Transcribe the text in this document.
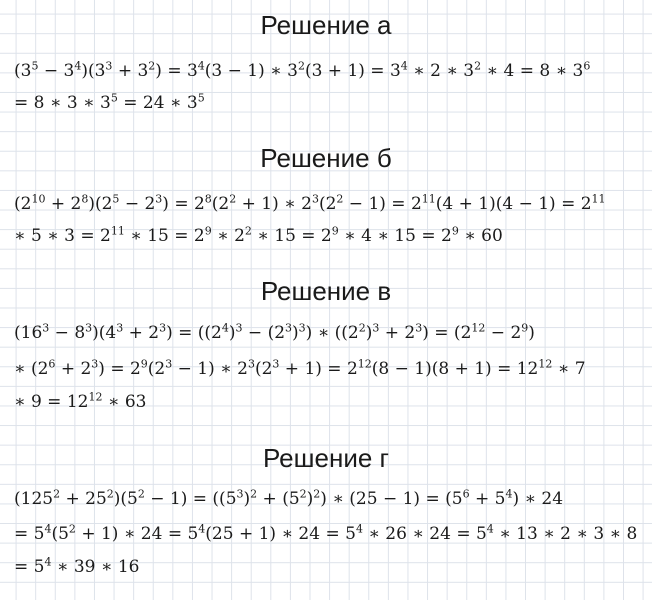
Решение а
$(3^5 - 3^4)(3^3 + 3^2) = 3^4(3 - 1)$ ∗ $3^2(3 + 1) = 3^4$ ∗ 2 ∗ $3^2$ ∗ 4 = 8 ∗ $3^6$
= 8 ∗ 3 ∗ $3^5 = 24$ ∗ $3^5$
Решение б
$(2^{10} + 2^8)(2^5 - 2^3) = 2^8(2^2 + 1)$ ∗ $2^3(2^2 - 1) = 2^{11}(4 + 1)(4 - 1) = 2^{11}$
∗ 5 ∗ $3 = 2^{11}$ ∗ $15 = 2^9$ ∗ $2^2$ ∗ $15 = 2^9$ ∗ 4 ∗ $15 = 2^9$ ∗ 60
Решение в
$(16^3 - 8^3)(4^3 + 2^3) = ((2^4)^3 - (2^3)^3)$ ∗ $((2^2)^3 + 2^3) = (2^{12} - 2^9)$
∗ $(2^6 + 2^3) = 2^9(2^3 - 1)$ ∗ $2^3(2^3 + 1) = 2^{12}(8 - 1)(8 + 1) = 12^{12}$ ∗ 7
∗ $9 = 12^{12}$ ∗ 63
Решение г
$(125^2 + 25^2)(5^2 - 1) = ((5^3)^2 + (5^2)^2)$ ∗ $(25 - 1) = (5^6 + 5^4)$ ∗ 24
= $5^4(5^2 + 1)$ ∗ $24 = 5^4(25 + 1)$ ∗ $24 = 5^4$ ∗ 26 ∗ $24 = 5^4$ ∗ 13 ∗ 2 ∗ 3 ∗ 8
= $5^4$ ∗ 39 ∗ 16
